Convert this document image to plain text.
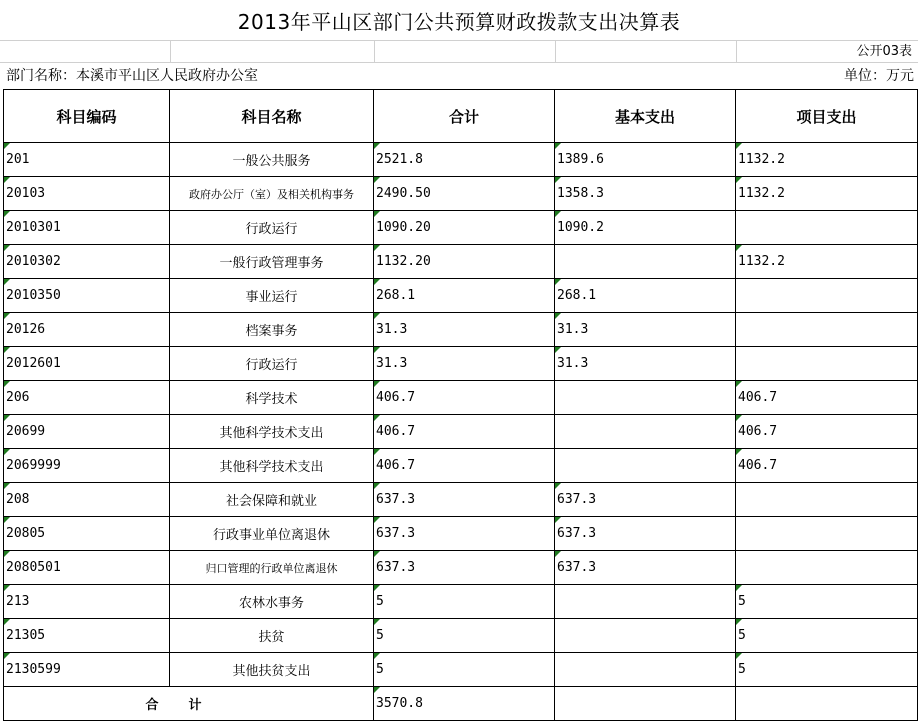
2013年平山区部门公共预算财政拨款支出决算表
公开03表
部门名称：本溪市平山区人民政府办公室	单位：万元
科目编码	科目名称	合计	基本支出	项目支出

201	一般公共服务	2521.8	1389.6	1132.2

20103	政府办公厅（室）及相关机构事务	2490.50	1358.3	1132.2

2010301	行政运行	1090.20	1090.2	

2010302	一般行政管理事务	1132.20		1132.2

2010350	事业运行	268.1	268.1	

20126	档案事务	31.3	31.3	

2012601	行政运行	31.3	31.3	

206	科学技术	406.7		406.7

20699	其他科学技术支出	406.7		406.7

2069999	其他科学技术支出	406.7		406.7

208	社会保障和就业	637.3	637.3	

20805	行政事业单位离退休	637.3	637.3	

2080501	归口管理的行政单位离退休	637.3	637.3	

213	农林水事务	5		5

21305	扶贫	5		5

2130599	其他扶贫支出	5		5
合计		3570.8		
